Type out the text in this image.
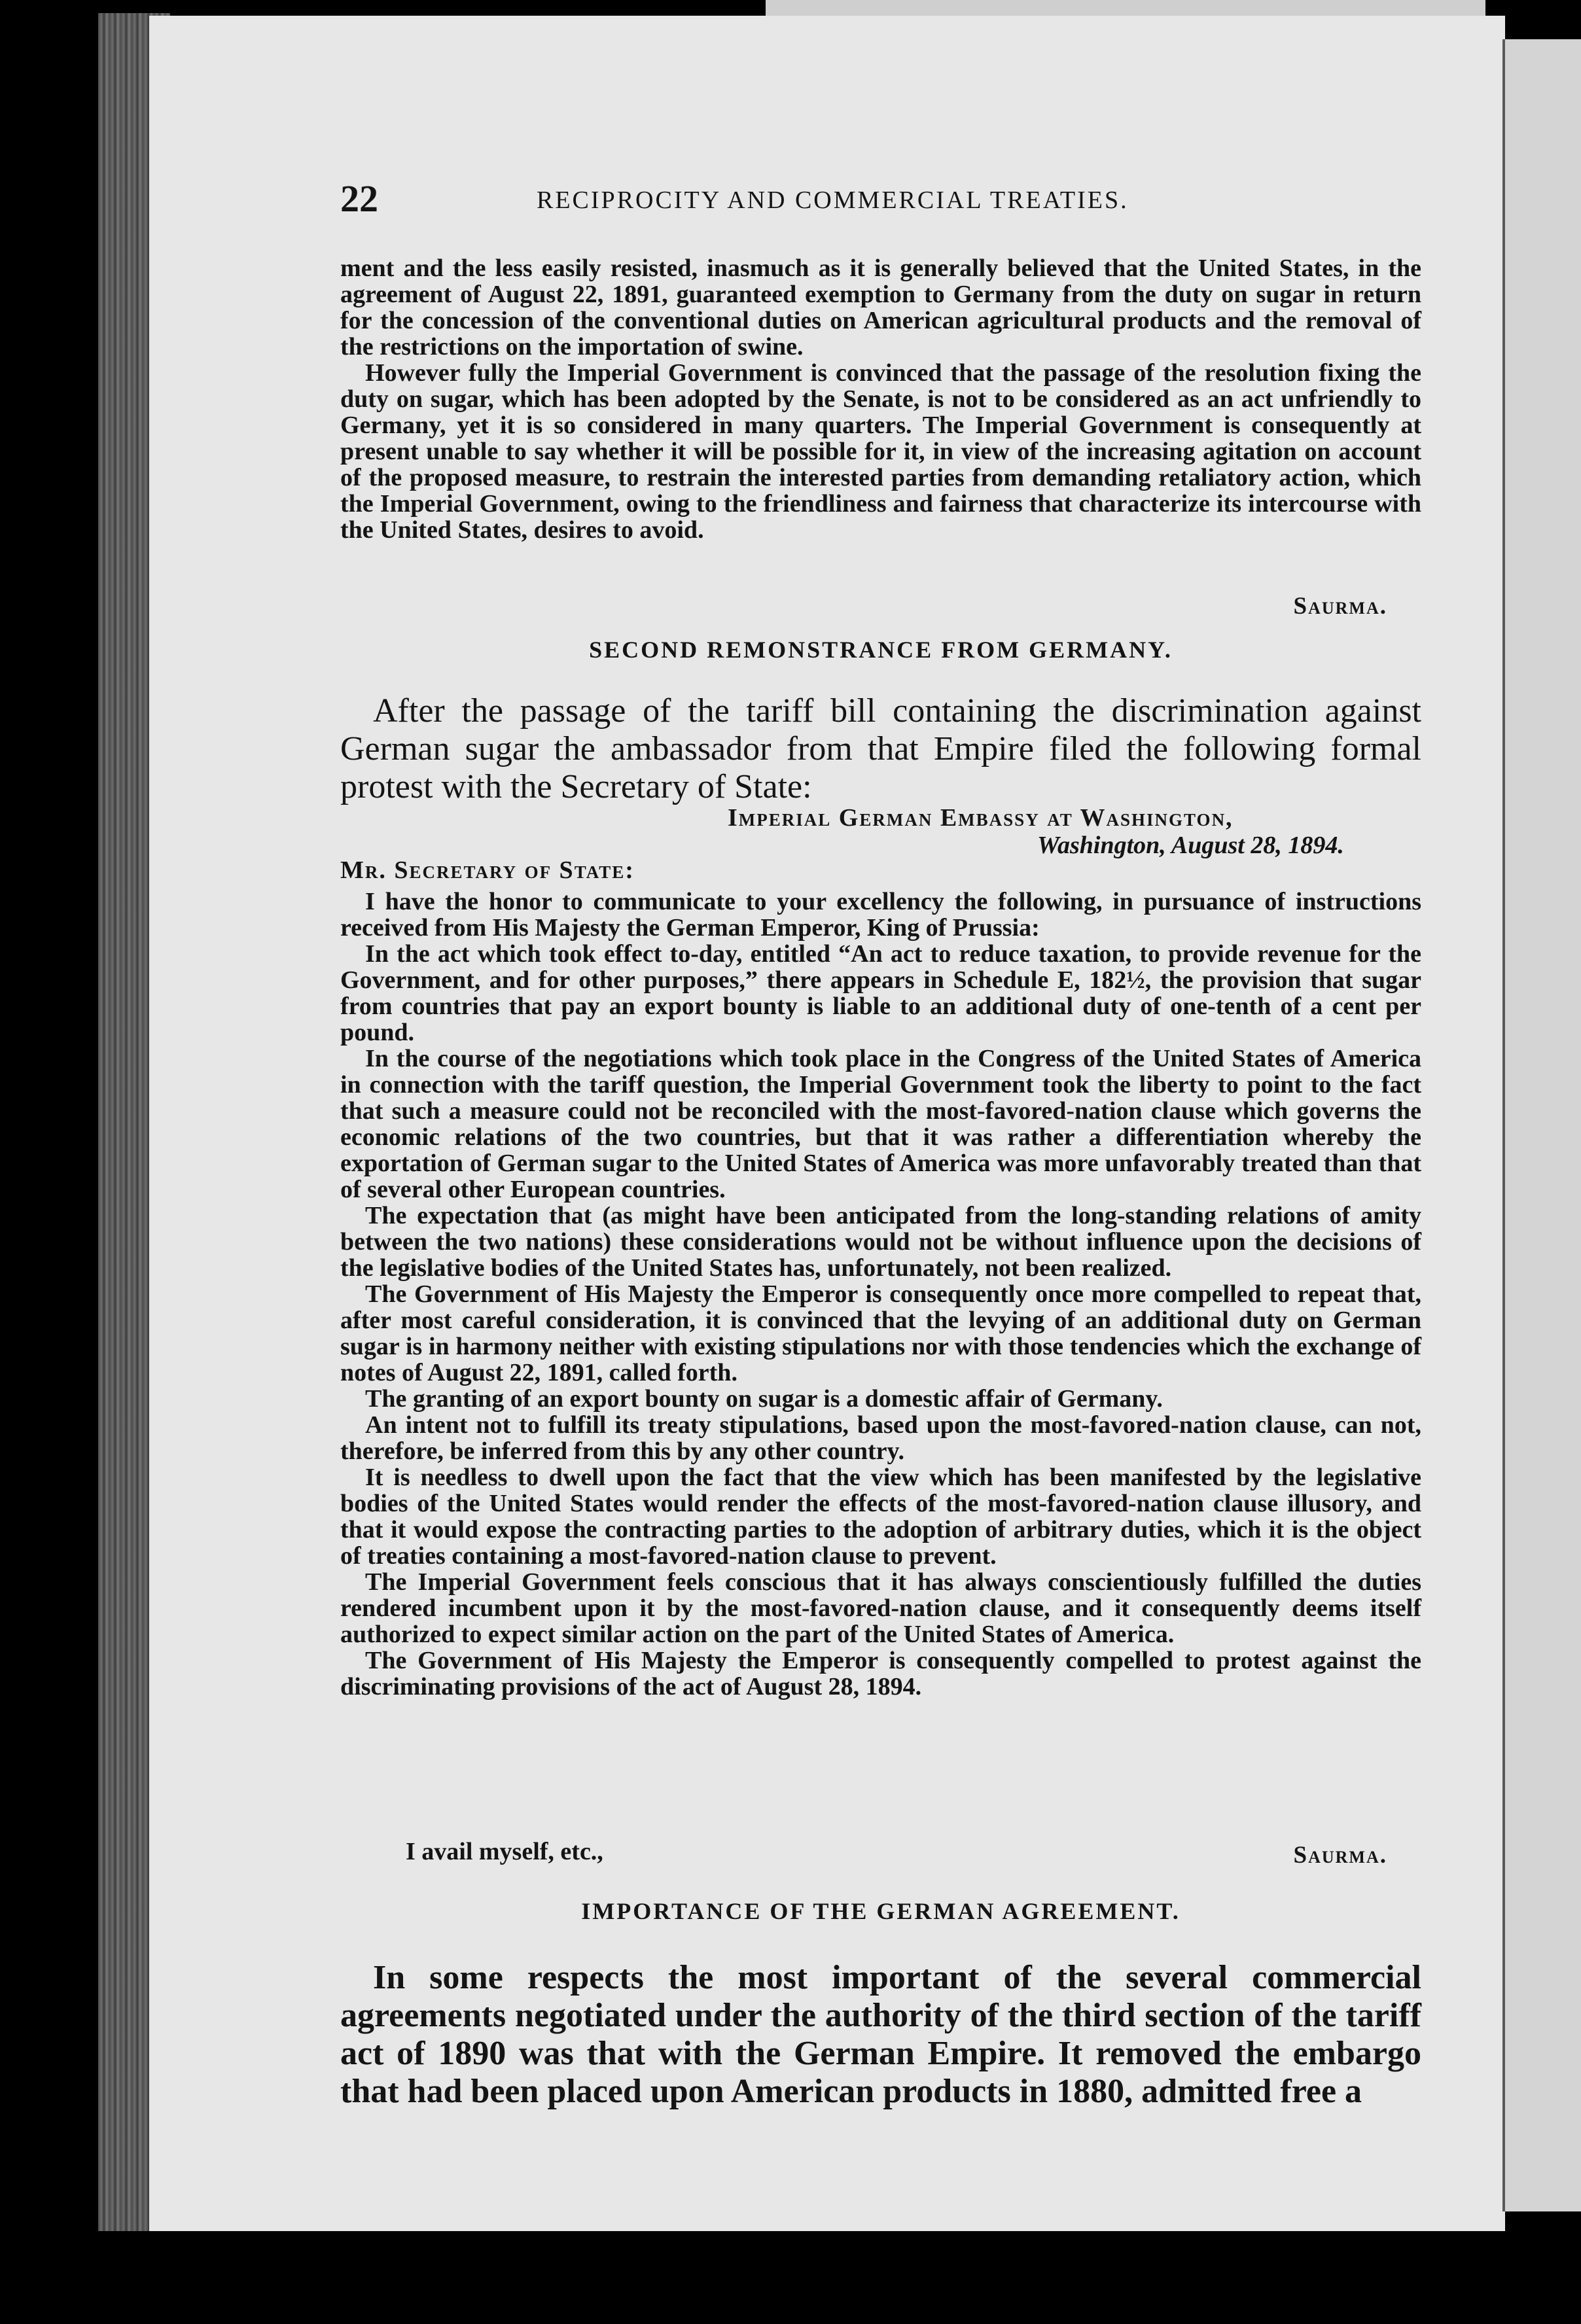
22	RECIPROCITY AND COMMERCIAL TREATIES.

ment and the less easily resisted, inasmuch as it is generally believed that the United States, in the agreement of August 22, 1891, guaranteed exemption to Germany from the duty on sugar in return for the concession of the conventional duties on American agricultural products and the removal of the restrictions on the importation of swine.

However fully the Imperial Government is convinced that the passage of the resolution fixing the duty on sugar, which has been adopted by the Senate, is not to be considered as an act unfriendly to Germany, yet it is so considered in many quarters. The Imperial Government is consequently at present unable to say whether it will be possible for it, in view of the increasing agitation on account of the proposed measure, to restrain the interested parties from demanding retaliatory action, which the Imperial Government, owing to the friendliness and fairness that characterize its intercourse with the United States, desires to avoid.

Saurma.
SECOND REMONSTRANCE FROM GERMANY.

After the passage of the tariff bill containing the discrimination against German sugar the ambassador from that Empire filed the following formal protest with the Secretary of State:

Imperial German Embassy at Washington,
Washington, August 28, 1894.
Mr. Secretary of State:

I have the honor to communicate to your excellency the following, in pursuance of instructions received from His Majesty the German Emperor, King of Prussia:

In the act which took effect to-day, entitled “An act to reduce taxation, to provide revenue for the Government, and for other purposes,” there appears in Schedule E, 182½, the provision that sugar from countries that pay an export bounty is liable to an additional duty of one-tenth of a cent per pound.

In the course of the negotiations which took place in the Congress of the United States of America in connection with the tariff question, the Imperial Government took the liberty to point to the fact that such a measure could not be reconciled with the most-favored-nation clause which governs the economic relations of the two countries, but that it was rather a differentiation whereby the exportation of German sugar to the United States of America was more unfavorably treated than that of several other European countries.

The expectation that (as might have been anticipated from the long-standing relations of amity between the two nations) these considerations would not be without influence upon the decisions of the legislative bodies of the United States has, unfortunately, not been realized.

The Government of His Majesty the Emperor is consequently once more compelled to repeat that, after most careful consideration, it is convinced that the levying of an additional duty on German sugar is in harmony neither with existing stipulations nor with those tendencies which the exchange of notes of August 22, 1891, called forth.

The granting of an export bounty on sugar is a domestic affair of Germany.

An intent not to fulfill its treaty stipulations, based upon the most-favored-nation clause, can not, therefore, be inferred from this by any other country.

It is needless to dwell upon the fact that the view which has been manifested by the legislative bodies of the United States would render the effects of the most-favored-nation clause illusory, and that it would expose the contracting parties to the adoption of arbitrary duties, which it is the object of treaties containing a most-favored-nation clause to prevent.

The Imperial Government feels conscious that it has always conscientiously fulfilled the duties rendered incumbent upon it by the most-favored-nation clause, and it consequently deems itself authorized to expect similar action on the part of the United States of America.

The Government of His Majesty the Emperor is consequently compelled to protest against the discriminating provisions of the act of August 28, 1894.

I avail myself, etc.,	Saurma.
IMPORTANCE OF THE GERMAN AGREEMENT.

In some respects the most important of the several commercial agreements negotiated under the authority of the third section of the tariff act of 1890 was that with the German Empire. It removed the embargo that had been placed upon American products in 1880, admitted free a
